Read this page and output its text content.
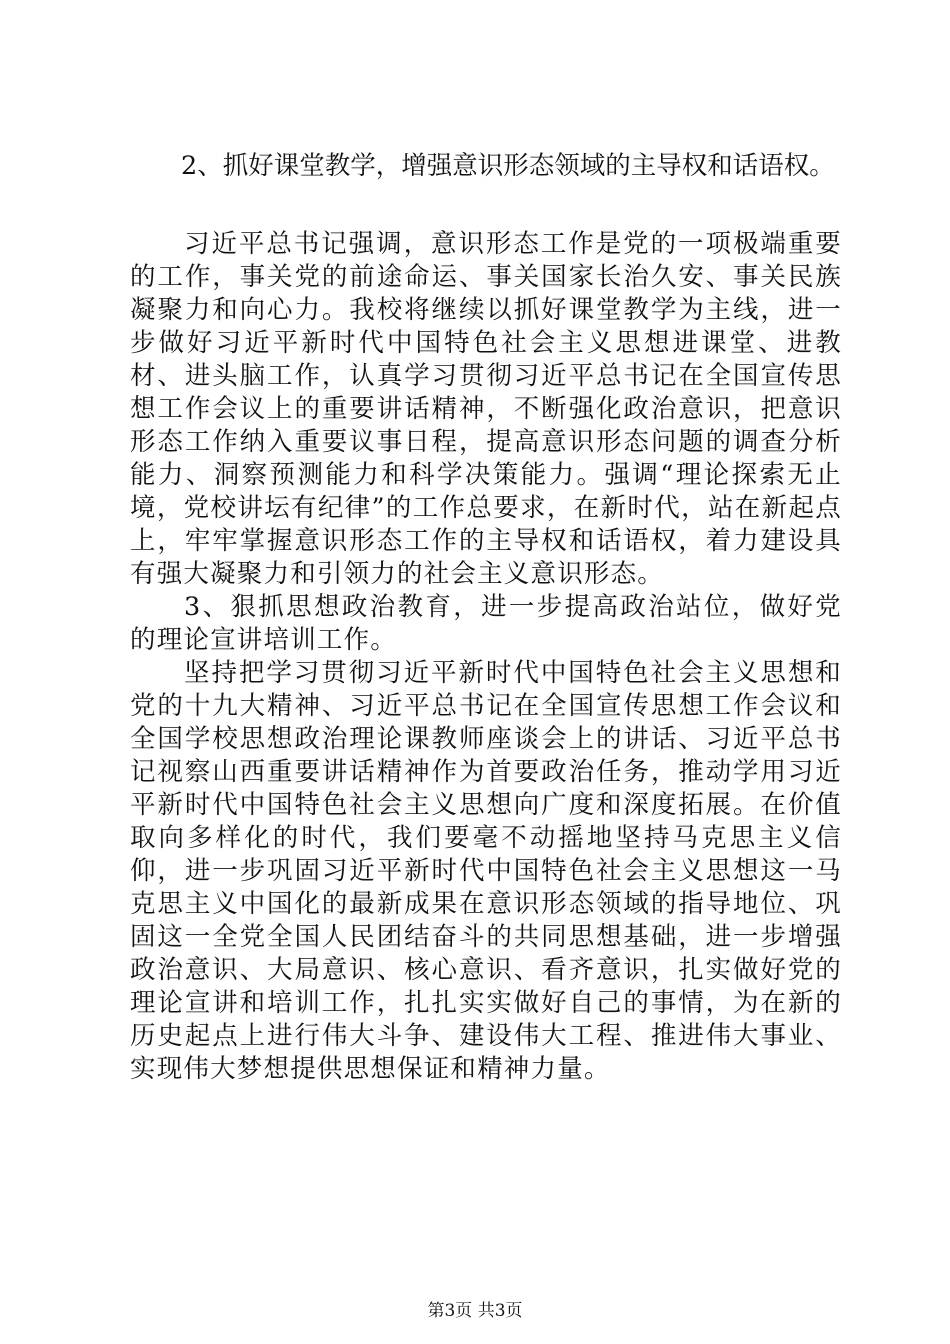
2、抓好课堂教学，增强意识形态领域的主导权和话语权。

习近平总书记强调，意识形态工作是党的一项极端重要的工作，事关党的前途命运、事关国家长治久安、事关民族凝聚力和向心力。我校将继续以抓好课堂教学为主线，进一步做好习近平新时代中国特色社会主义思想进课堂、进教材、进头脑工作，认真学习贯彻习近平总书记在全国宣传思想工作会议上的重要讲话精神，不断强化政治意识，把意识形态工作纳入重要议事日程，提高意识形态问题的调查分析能力、洞察预测能力和科学决策能力。强调“理论探索无止境，党校讲坛有纪律”的工作总要求，在新时代，站在新起点上，牢牢掌握意识形态工作的主导权和话语权，着力建设具有强大凝聚力和引领力的社会主义意识形态。

3、狠抓思想政治教育，进一步提高政治站位，做好党的理论宣讲培训工作。

坚持把学习贯彻习近平新时代中国特色社会主义思想和党的十九大精神、习近平总书记在全国宣传思想工作会议和全国学校思想政治理论课教师座谈会上的讲话、习近平总书记视察山西重要讲话精神作为首要政治任务，推动学用习近平新时代中国特色社会主义思想向广度和深度拓展。在价值取向多样化的时代，我们要毫不动摇地坚持马克思主义信仰，进一步巩固习近平新时代中国特色社会主义思想这一马克思主义中国化的最新成果在意识形态领域的指导地位、巩固这一全党全国人民团结奋斗的共同思想基础，进一步增强政治意识、大局意识、核心意识、看齐意识，扎实做好党的理论宣讲和培训工作，扎扎实实做好自己的事情，为在新的历史起点上进行伟大斗争、建设伟大工程、推进伟大事业、实现伟大梦想提供思想保证和精神力量。

第3页 共3页
